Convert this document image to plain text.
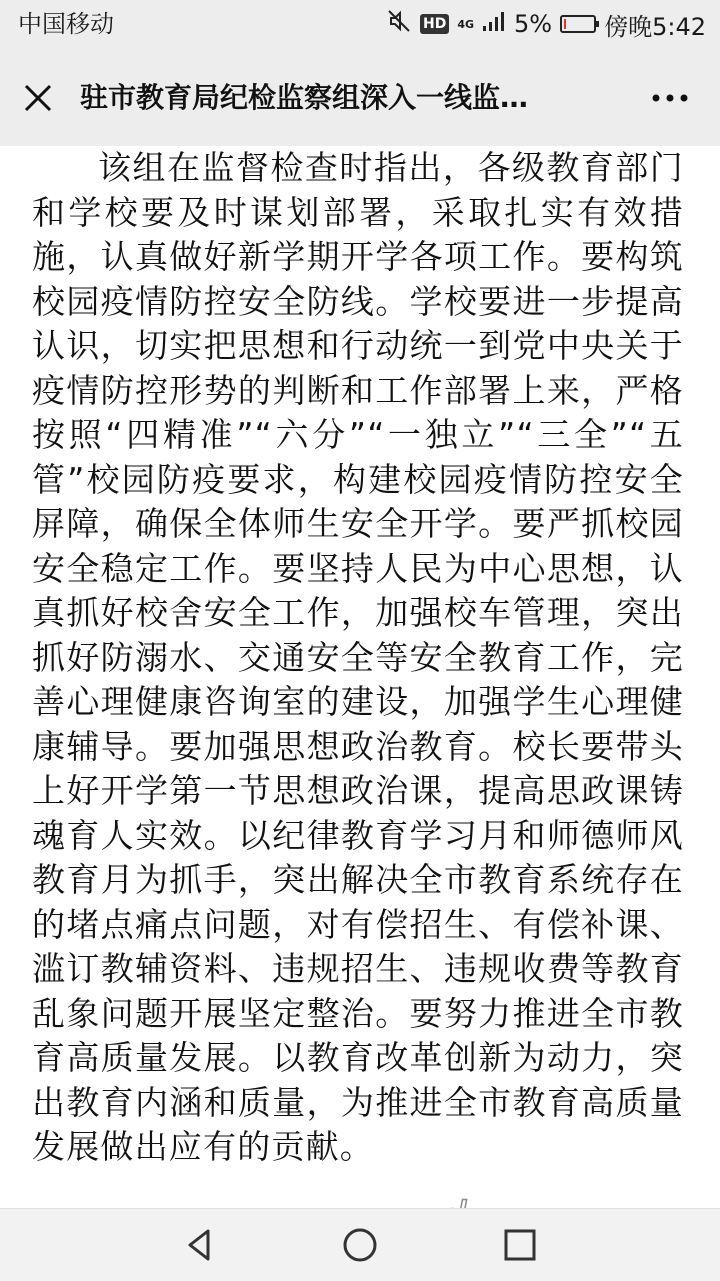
中国移动	HD 4G 5% 傍晚5:42
驻市教育局纪检监察组深入一线监…

该组在监督检查时指出，各级教育部门和学校要及时谋划部署，采取扎实有效措施，认真做好新学期开学各项工作。要构筑校园疫情防控安全防线。学校要进一步提高认识，切实把思想和行动统一到党中央关于疫情防控形势的判断和工作部署上来，严格按照“四精准”“六分”“一独立”“三全”“五管”校园防疫要求，构建校园疫情防控安全屏障，确保全体师生安全开学。要严抓校园安全稳定工作。要坚持人民为中心思想，认真抓好校舍安全工作，加强校车管理，突出抓好防溺水、交通安全等安全教育工作，完善心理健康咨询室的建设，加强学生心理健康辅导。要加强思想政治教育。校长要带头上好开学第一节思想政治课，提高思政课铸魂育人实效。以纪律教育学习月和师德师风教育月为抓手，突出解决全市教育系统存在的堵点痛点问题，对有偿招生、有偿补课、滥订教辅资料、违规招生、违规收费等教育乱象问题开展坚定整治。要努力推进全市教育高质量发展。以教育改革创新为动力，突出教育内涵和质量，为推进全市教育高质量发展做出应有的贡献。
